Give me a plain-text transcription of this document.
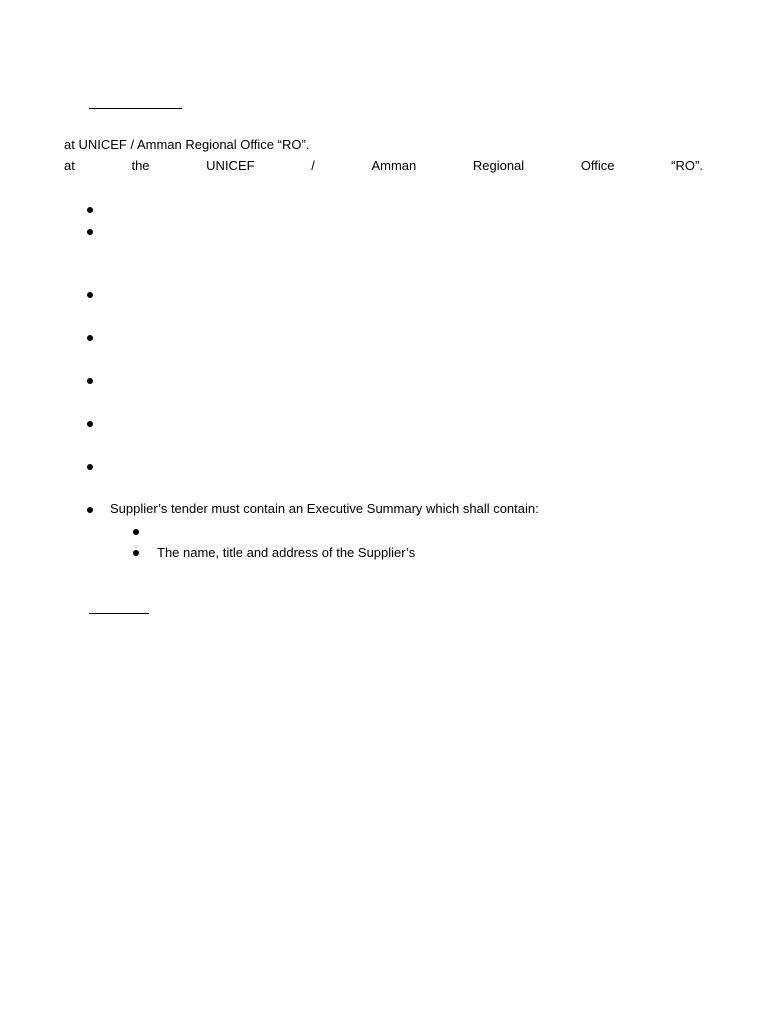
at UNICEF / Amman Regional Office “RO”.
at	the	UNICEF	/	Amman	Regional	Office	“RO”.
Supplier’s tender must contain an Executive Summary which shall contain:
The name, title and address of the Supplier’s
